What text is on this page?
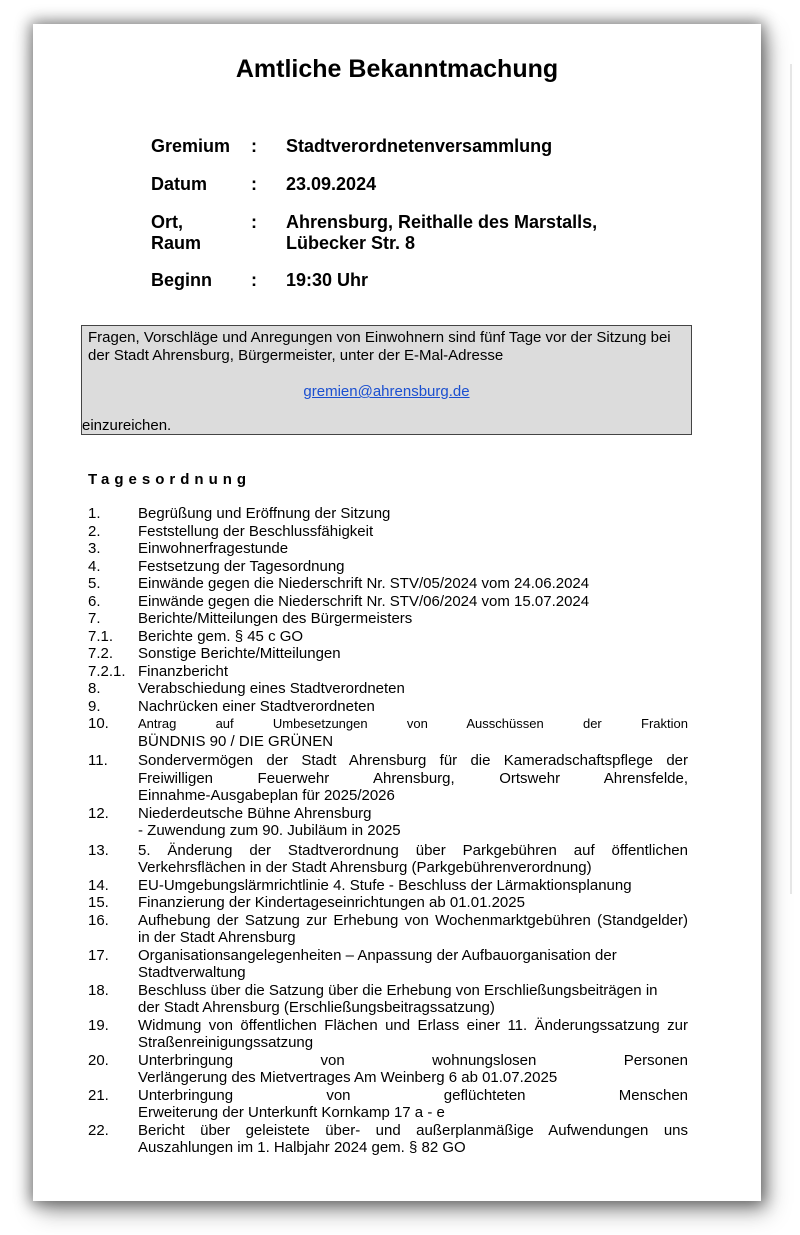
Amtliche Bekanntmachung
Gremium : Stadtverordnetenversammlung
Datum : 23.09.2024
Ort, Raum
: Ahrensburg, Reithalle des Marstalls,
Lübecker Str. 8
Beginn : 19:30 Uhr
Fragen, Vorschläge und Anregungen von Einwohnern sind fünf Tage vor der Sitzung bei der Stadt Ahrensburg, Bürgermeister, unter der E-Mal-Adresse
gremien@ahrensburg.de
einzureichen.
Tagesordnung
1. Begrüßung und Eröffnung der Sitzung
2. Feststellung der Beschlussfähigkeit
3. Einwohnerfragestunde
4. Festsetzung der Tagesordnung
5. Einwände gegen die Niederschrift Nr. STV/05/2024 vom 24.06.2024
6. Einwände gegen die Niederschrift Nr. STV/06/2024 vom 15.07.2024
7. Berichte/Mitteilungen des Bürgermeisters
7.1. Berichte gem. § 45 c GO
7.2. Sonstige Berichte/Mitteilungen
7.2.1. Finanzbericht
8. Verabschiedung eines Stadtverordneten
9. Nachrücken einer Stadtverordneten
10. Antrag auf Umbesetzungen von Ausschüssen der Fraktion
BÜNDNIS 90 / DIE GRÜNEN
11. Sondervermögen der Stadt Ahrensburg für die Kameradschaftspflege der
Freiwilligen Feuerwehr Ahrensburg, Ortswehr Ahrensfelde,
Einnahme-Ausgabeplan für 2025/2026
12. Niederdeutsche Bühne Ahrensburg
- Zuwendung zum 90. Jubiläum in 2025
13. 5. Änderung der Stadtverordnung über Parkgebühren auf öffentlichen
Verkehrsflächen in der Stadt Ahrensburg (Parkgebührenverordnung)
14. EU-Umgebungslärmrichtlinie 4. Stufe - Beschluss der Lärmaktionsplanung
15. Finanzierung der Kindertageseinrichtungen ab 01.01.2025
16. Aufhebung der Satzung zur Erhebung von Wochenmarktgebühren (Standgelder)
in der Stadt Ahrensburg
17. Organisationsangelegenheiten – Anpassung der Aufbauorganisation der
Stadtverwaltung
18. Beschluss über die Satzung über die Erhebung von Erschließungsbeiträgen in
der Stadt Ahrensburg (Erschließungsbeitragssatzung)
19. Widmung von öffentlichen Flächen und Erlass einer 11. Änderungssatzung zur
Straßenreinigungssatzung
20. Unterbringung von wohnungslosen Personen
Verlängerung des Mietvertrages Am Weinberg 6 ab 01.07.2025
21. Unterbringung von geflüchteten Menschen
Erweiterung der Unterkunft Kornkamp 17 a - e
22. Bericht über geleistete über- und außerplanmäßige Aufwendungen uns
Auszahlungen im 1. Halbjahr 2024 gem. § 82 GO
